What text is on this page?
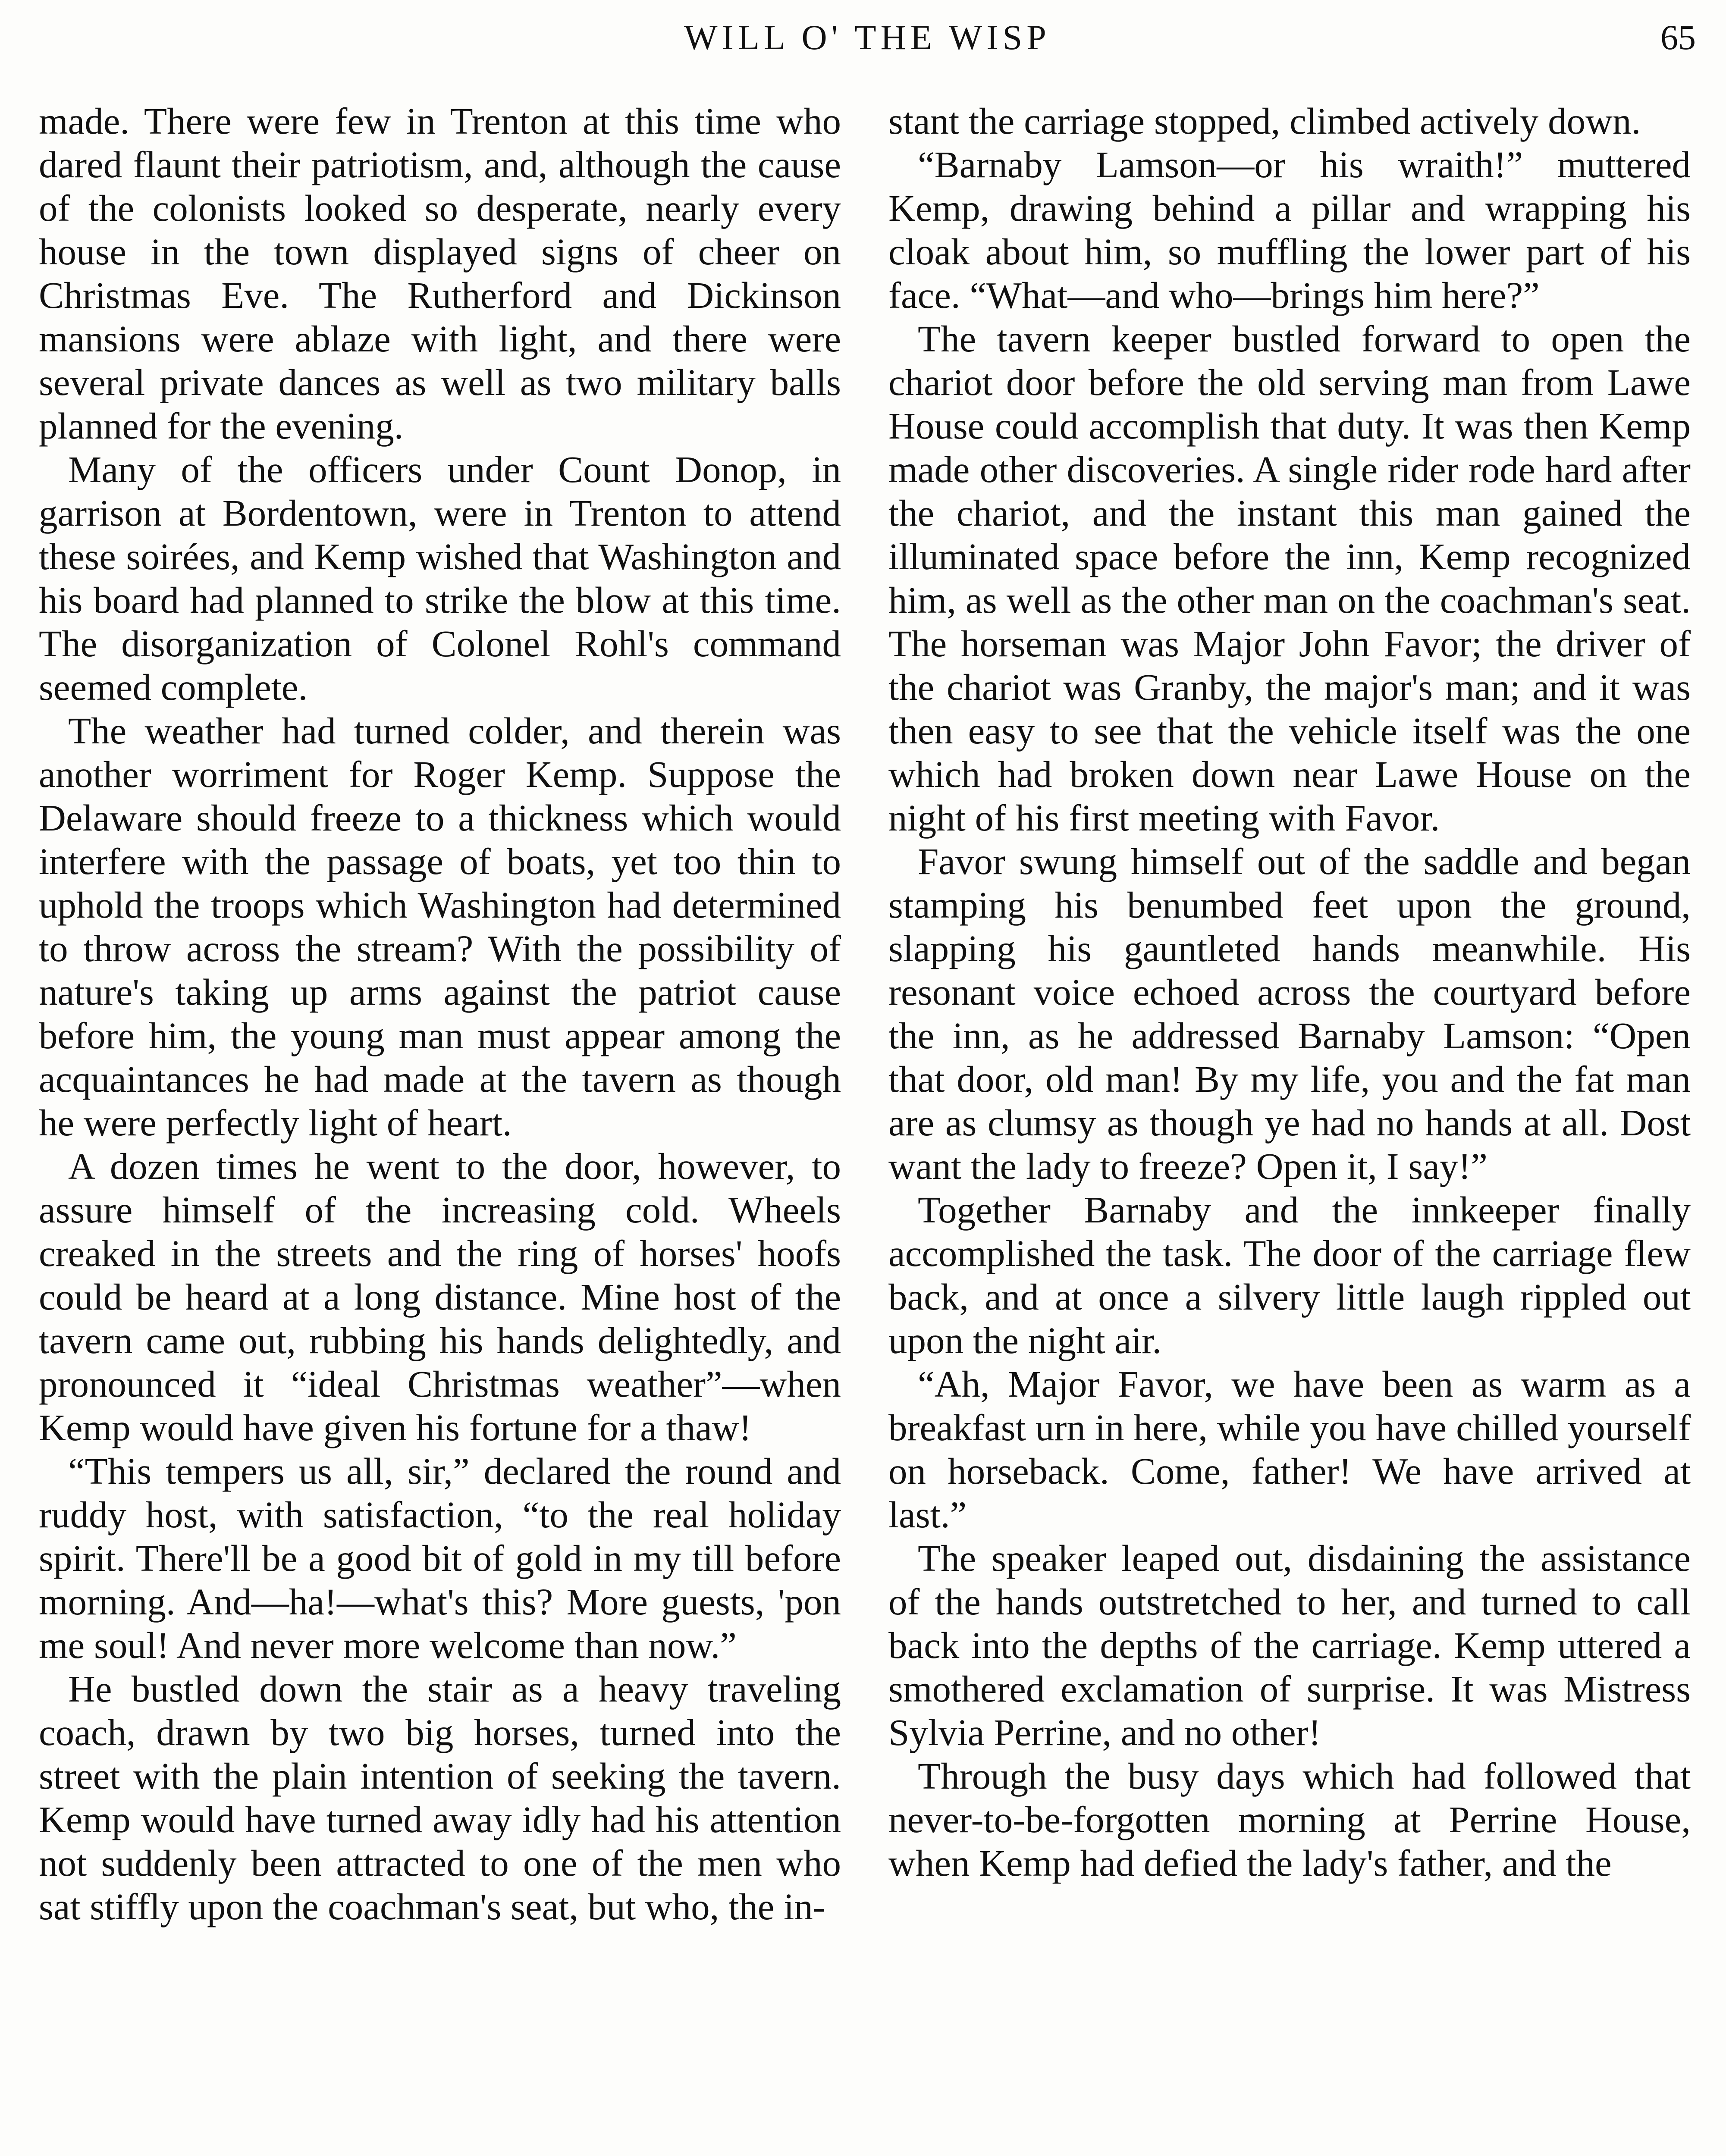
WILL O' THE WISP	65

made. There were few in Trenton at this time who dared flaunt their patriotism, and, although the cause of the colonists looked so desperate, nearly every house in the town displayed signs of cheer on Christmas Eve. The Rutherford and Dickinson mansions were ablaze with light, and there were several private dances as well as two military balls planned for the evening.

Many of the officers under Count Donop, in garrison at Bordentown, were in Trenton to attend these soirées, and Kemp wished that Washington and his board had planned to strike the blow at this time. The disorganization of Colonel Rohl's command seemed complete.

The weather had turned colder, and therein was another worriment for Roger Kemp. Suppose the Delaware should freeze to a thickness which would interfere with the passage of boats, yet too thin to uphold the troops which Washington had determined to throw across the stream? With the possibility of nature's taking up arms against the patriot cause before him, the young man must appear among the acquaintances he had made at the tavern as though he were perfectly light of heart.

A dozen times he went to the door, however, to assure himself of the increasing cold. Wheels creaked in the streets and the ring of horses' hoofs could be heard at a long distance. Mine host of the tavern came out, rubbing his hands delightedly, and pronounced it “ideal Christmas weather”—when Kemp would have given his fortune for a thaw!

“This tempers us all, sir,” declared the round and ruddy host, with satisfaction, “to the real holiday spirit. There'll be a good bit of gold in my till before morning. And—ha!—what's this? More guests, 'pon me soul! And never more welcome than now.”

He bustled down the stair as a heavy traveling coach, drawn by two big horses, turned into the street with the plain intention of seeking the tavern. Kemp would have turned away idly had his attention not suddenly been attracted to one of the men who sat stiffly upon the coachman's seat, but who, the in-

stant the carriage stopped, climbed actively down.

“Barnaby Lamson—or his wraith!” muttered Kemp, drawing behind a pillar and wrapping his cloak about him, so muffling the lower part of his face. “What—and who—brings him here?”

The tavern keeper bustled forward to open the chariot door before the old serving man from Lawe House could accomplish that duty. It was then Kemp made other discoveries. A single rider rode hard after the chariot, and the instant this man gained the illuminated space before the inn, Kemp recognized him, as well as the other man on the coachman's seat. The horseman was Major John Favor; the driver of the chariot was Granby, the major's man; and it was then easy to see that the vehicle itself was the one which had broken down near Lawe House on the night of his first meeting with Favor.

Favor swung himself out of the saddle and began stamping his benumbed feet upon the ground, slapping his gauntleted hands meanwhile. His resonant voice echoed across the courtyard before the inn, as he addressed Barnaby Lamson: “Open that door, old man! By my life, you and the fat man are as clumsy as though ye had no hands at all. Dost want the lady to freeze? Open it, I say!”

Together Barnaby and the innkeeper finally accomplished the task. The door of the carriage flew back, and at once a silvery little laugh rippled out upon the night air.

“Ah, Major Favor, we have been as warm as a breakfast urn in here, while you have chilled yourself on horseback. Come, father! We have arrived at last.”

The speaker leaped out, disdaining the assistance of the hands outstretched to her, and turned to call back into the depths of the carriage. Kemp uttered a smothered exclamation of surprise. It was Mistress Sylvia Perrine, and no other!

Through the busy days which had followed that never-to-be-forgotten morning at Perrine House, when Kemp had defied the lady's father, and the
